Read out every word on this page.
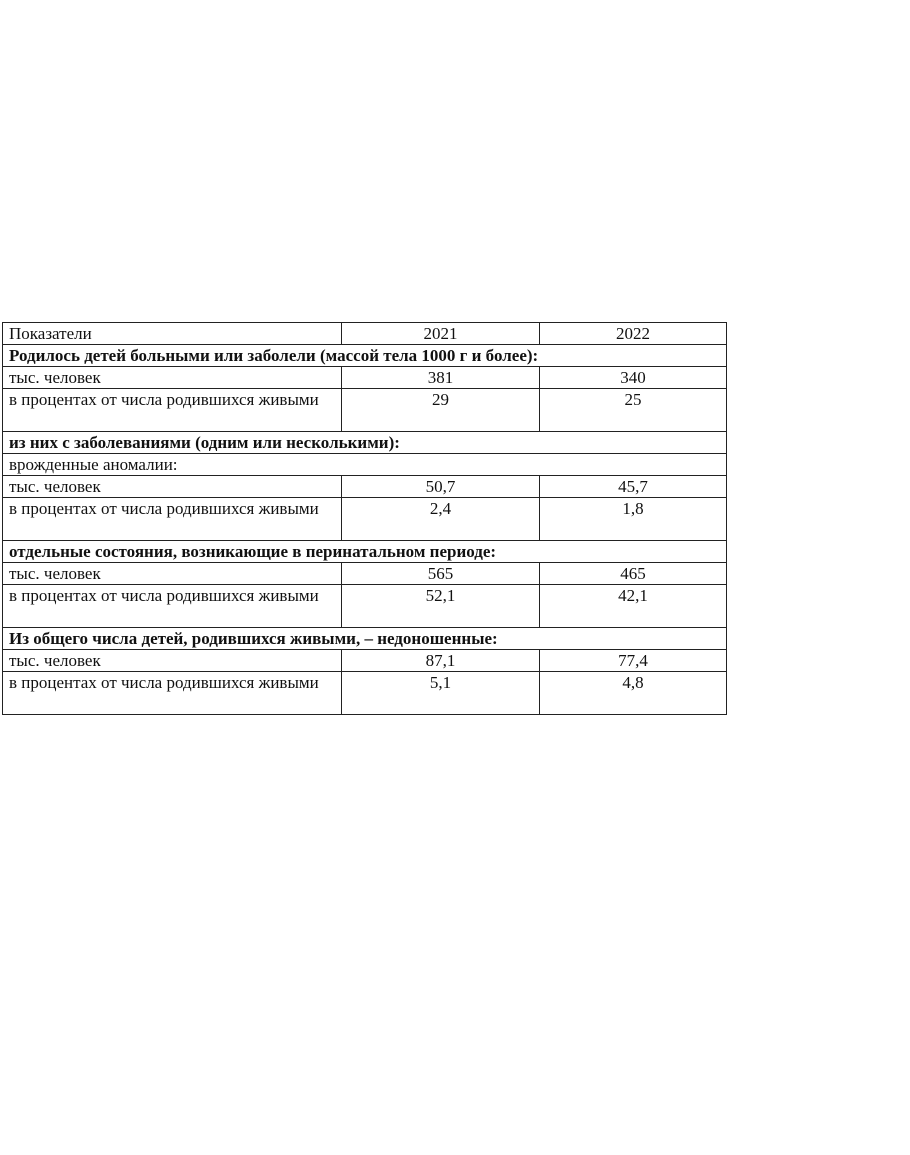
Показатели	2021	2022
Родилось детей больными или заболели (массой тела 1000 г и более):		
тыс. человек	381	340
в процентах от числа родившихся живыми	29	25
из них с заболеваниями (одним или несколькими):		
врожденные аномалии:		
тыс. человек	50,7	45,7
в процентах от числа родившихся живыми	2,4	1,8
отдельные состояния, возникающие в перинатальном периоде:		
тыс. человек	565	465
в процентах от числа родившихся живыми	52,1	42,1
Из общего числа детей, родившихся живыми, – недоношенные:		
тыс. человек	87,1	77,4
в процентах от числа родившихся живыми	5,1	4,8
